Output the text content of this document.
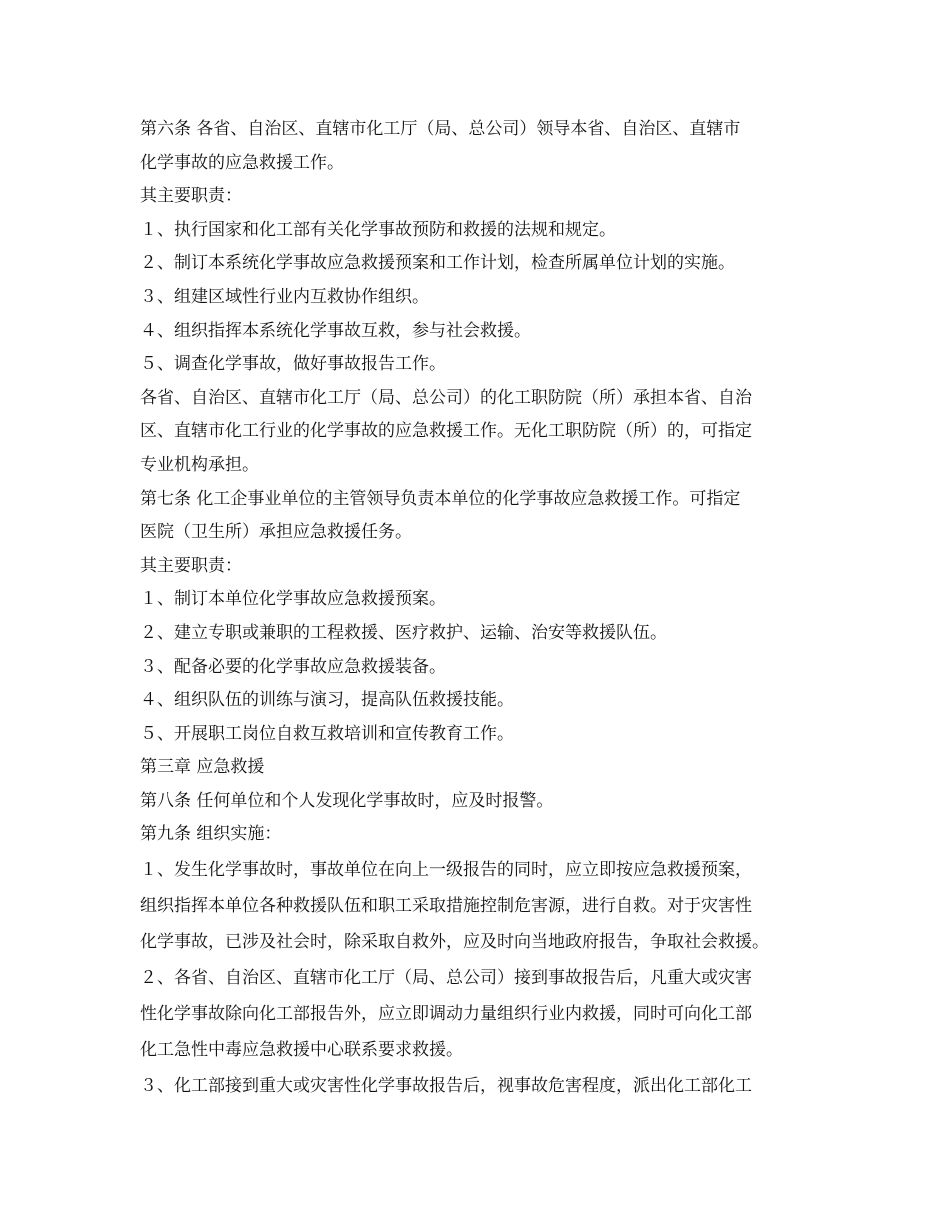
第六条 各省、自治区、直辖市化工厅（局、总公司）领导本省、自治区、直辖市
化学事故的应急救援工作。
其主要职责：
１、执行国家和化工部有关化学事故预防和救援的法规和规定。
２、制订本系统化学事故应急救援预案和工作计划，检查所属单位计划的实施。
３、组建区域性行业内互救协作组织。
４、组织指挥本系统化学事故互救，参与社会救援。
５、调查化学事故，做好事故报告工作。
各省、自治区、直辖市化工厅（局、总公司）的化工职防院（所）承担本省、自治
区、直辖市化工行业的化学事故的应急救援工作。无化工职防院（所）的，可指定
专业机构承担。
第七条 化工企事业单位的主管领导负责本单位的化学事故应急救援工作。可指定
医院（卫生所）承担应急救援任务。
其主要职责：
１、制订本单位化学事故应急救援预案。
２、建立专职或兼职的工程救援、医疗救护、运输、治安等救援队伍。
３、配备必要的化学事故应急救援装备。
４、组织队伍的训练与演习，提高队伍救援技能。
５、开展职工岗位自救互救培训和宣传教育工作。
第三章 应急救援
第八条 任何单位和个人发现化学事故时，应及时报警。
第九条 组织实施：
１、发生化学事故时，事故单位在向上一级报告的同时，应立即按应急救援预案，
组织指挥本单位各种救援队伍和职工采取措施控制危害源，进行自救。对于灾害性
化学事故，已涉及社会时，除采取自救外，应及时向当地政府报告，争取社会救援。
２、各省、自治区、直辖市化工厅（局、总公司）接到事故报告后，凡重大或灾害
性化学事故除向化工部报告外，应立即调动力量组织行业内救援，同时可向化工部
化工急性中毒应急救援中心联系要求救援。
３、化工部接到重大或灾害性化学事故报告后，视事故危害程度，派出化工部化工
